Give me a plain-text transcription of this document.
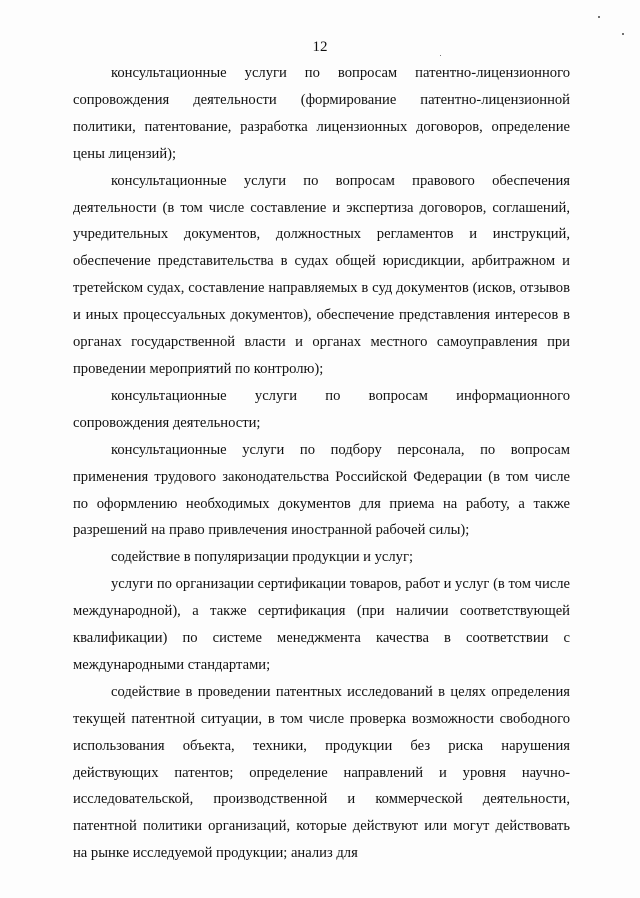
12

консультационные услуги по вопросам патентно-лицензионного сопровождения деятельности (формирование патентно-лицензионной политики, патентование, разработка лицензионных договоров, определение цены лицензий);

консультационные услуги по вопросам правового обеспечения деятельности (в том числе составление и экспертиза договоров, соглашений, учредительных документов, должностных регламентов и инструкций, обеспечение представительства в судах общей юрисдикции, арбитражном и третейском судах, составление направляемых в суд документов (исков, отзывов и иных процессуальных документов), обеспечение представления интересов в органах государственной власти и органах местного самоуправления при проведении мероприятий по контролю);

консультационные услуги по вопросам информационного сопровождения деятельности;

консультационные услуги по подбору персонала, по вопросам применения трудового законодательства Российской Федерации (в том числе по оформлению необходимых документов для приема на работу, а также разрешений на право привлечения иностранной рабочей силы);

содействие в популяризации продукции и услуг;

услуги по организации сертификации товаров, работ и услуг (в том числе международной), а также сертификация (при наличии соответствующей квалификации) по системе менеджмента качества в соответствии с международными стандартами;

содействие в проведении патентных исследований в целях определения текущей патентной ситуации, в том числе проверка возможности свободного использования объекта, техники, продукции без риска нарушения действующих патентов; определение направлений и уровня научно-исследовательской, производственной и коммерческой деятельности, патентной политики организаций, которые действуют или могут действовать на рынке исследуемой продукции; анализ для
